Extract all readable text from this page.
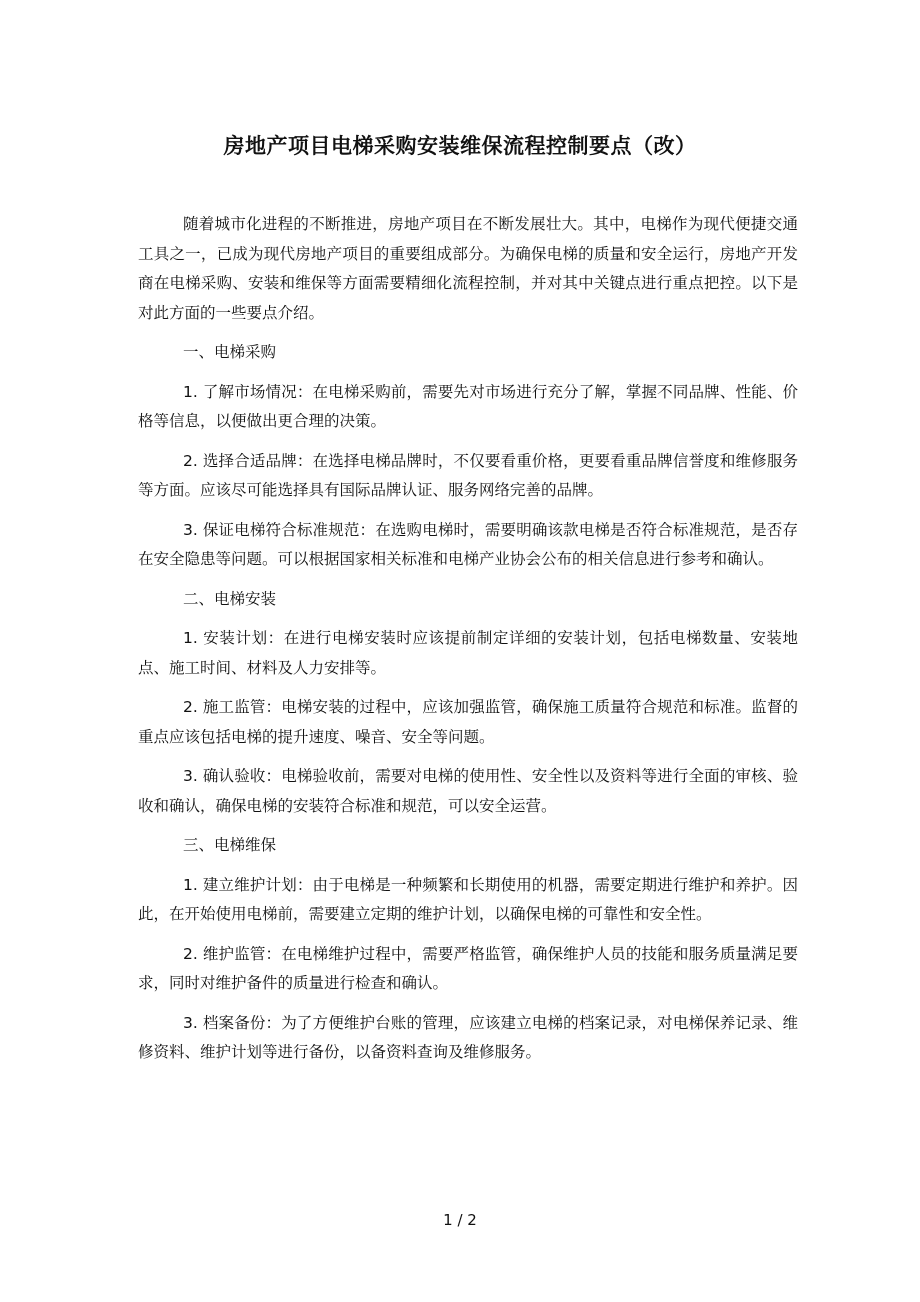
房地产项目电梯采购安装维保流程控制要点（改）

随着城市化进程的不断推进，房地产项目在不断发展壮大。其中，电梯作为现代便捷交通工具之一，已成为现代房地产项目的重要组成部分。为确保电梯的质量和安全运行，房地产开发商在电梯采购、安装和维保等方面需要精细化流程控制，并对其中关键点进行重点把控。以下是对此方面的一些要点介绍。

一、电梯采购

1. 了解市场情况：在电梯采购前，需要先对市场进行充分了解，掌握不同品牌、性能、价格等信息，以便做出更合理的决策。

2. 选择合适品牌：在选择电梯品牌时，不仅要看重价格，更要看重品牌信誉度和维修服务等方面。应该尽可能选择具有国际品牌认证、服务网络完善的品牌。

3. 保证电梯符合标准规范：在选购电梯时，需要明确该款电梯是否符合标准规范，是否存在安全隐患等问题。可以根据国家相关标准和电梯产业协会公布的相关信息进行参考和确认。

二、电梯安装

1. 安装计划：在进行电梯安装时应该提前制定详细的安装计划，包括电梯数量、安装地点、施工时间、材料及人力安排等。

2. 施工监管：电梯安装的过程中，应该加强监管，确保施工质量符合规范和标准。监督的重点应该包括电梯的提升速度、噪音、安全等问题。

3. 确认验收：电梯验收前，需要对电梯的使用性、安全性以及资料等进行全面的审核、验收和确认，确保电梯的安装符合标准和规范，可以安全运营。

三、电梯维保

1. 建立维护计划：由于电梯是一种频繁和长期使用的机器，需要定期进行维护和养护。因此，在开始使用电梯前，需要建立定期的维护计划，以确保电梯的可靠性和安全性。

2. 维护监管：在电梯维护过程中，需要严格监管，确保维护人员的技能和服务质量满足要求，同时对维护备件的质量进行检查和确认。

3. 档案备份：为了方便维护台账的管理，应该建立电梯的档案记录，对电梯保养记录、维修资料、维护计划等进行备份，以备资料查询及维修服务。

1 / 2
